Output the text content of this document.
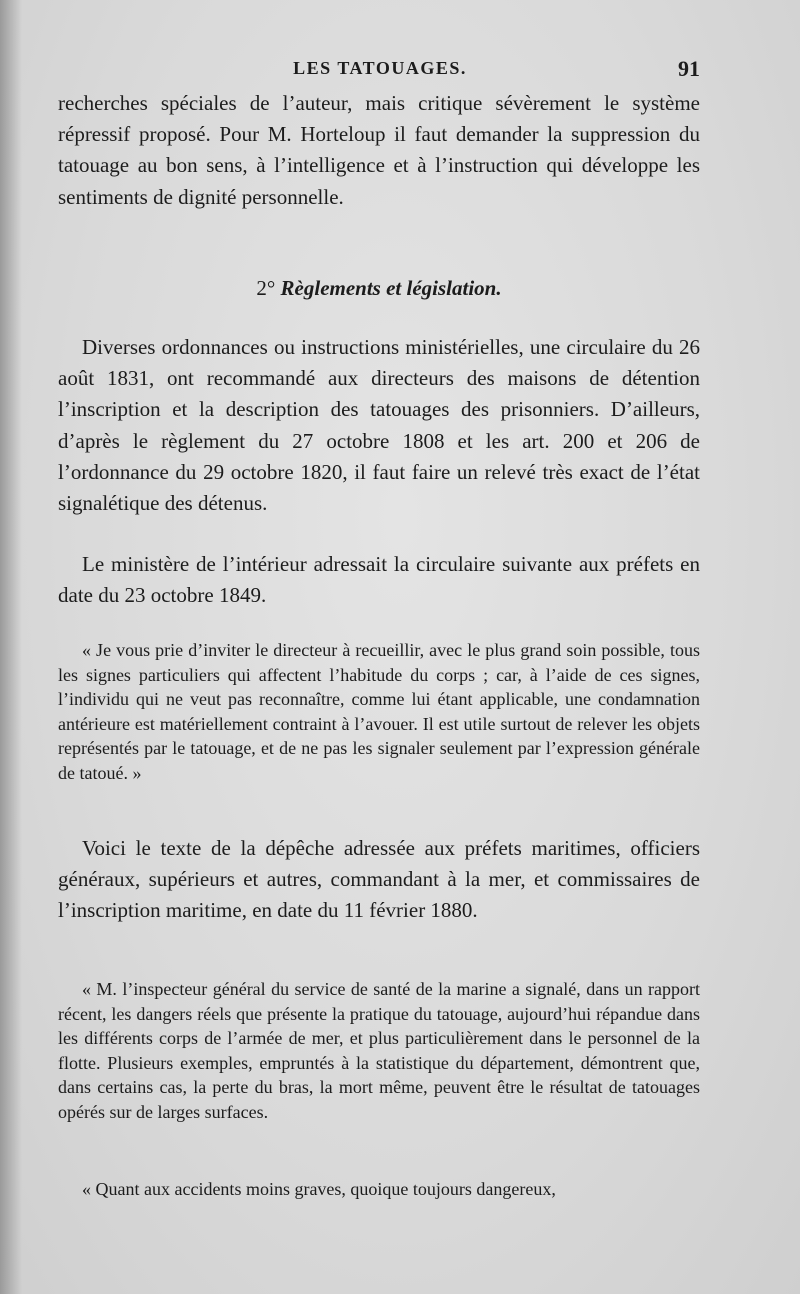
LES TATOUAGES.	91

recherches spéciales de l’auteur, mais critique sévèrement le système répressif proposé. Pour M. Horteloup il faut demander la suppression du tatouage au bon sens, à l’intelligence et à l’instruction qui développe les sentiments de dignité personnelle.

2° Règlements et législation.

Diverses ordonnances ou instructions ministérielles, une circulaire du 26 août 1831, ont recommandé aux directeurs des maisons de détention l’inscription et la description des tatouages des prisonniers. D’ailleurs, d’après le règlement du 27 octobre 1808 et les art. 200 et 206 de l’ordonnance du 29 octobre 1820, il faut faire un relevé très exact de l’état signalétique des détenus.

Le ministère de l’intérieur adressait la circulaire suivante aux préfets en date du 23 octobre 1849.

« Je vous prie d’inviter le directeur à recueillir, avec le plus grand soin possible, tous les signes particuliers qui affectent l’habitude du corps ; car, à l’aide de ces signes, l’individu qui ne veut pas reconnaître, comme lui étant applicable, une condamnation antérieure est matériellement contraint à l’avouer. Il est utile surtout de relever les objets représentés par le tatouage, et de ne pas les signaler seulement par l’expression générale de tatoué. »

Voici le texte de la dépêche adressée aux préfets maritimes, officiers généraux, supérieurs et autres, commandant à la mer, et commissaires de l’inscription maritime, en date du 11 février 1880.

« M. l’inspecteur général du service de santé de la marine a signalé, dans un rapport récent, les dangers réels que présente la pratique du tatouage, aujourd’hui répandue dans les différents corps de l’armée de mer, et plus particulièrement dans le personnel de la flotte. Plusieurs exemples, empruntés à la statistique du département, démontrent que, dans certains cas, la perte du bras, la mort même, peuvent être le résultat de tatouages opérés sur de larges surfaces.

« Quant aux accidents moins graves, quoique toujours dangereux,
